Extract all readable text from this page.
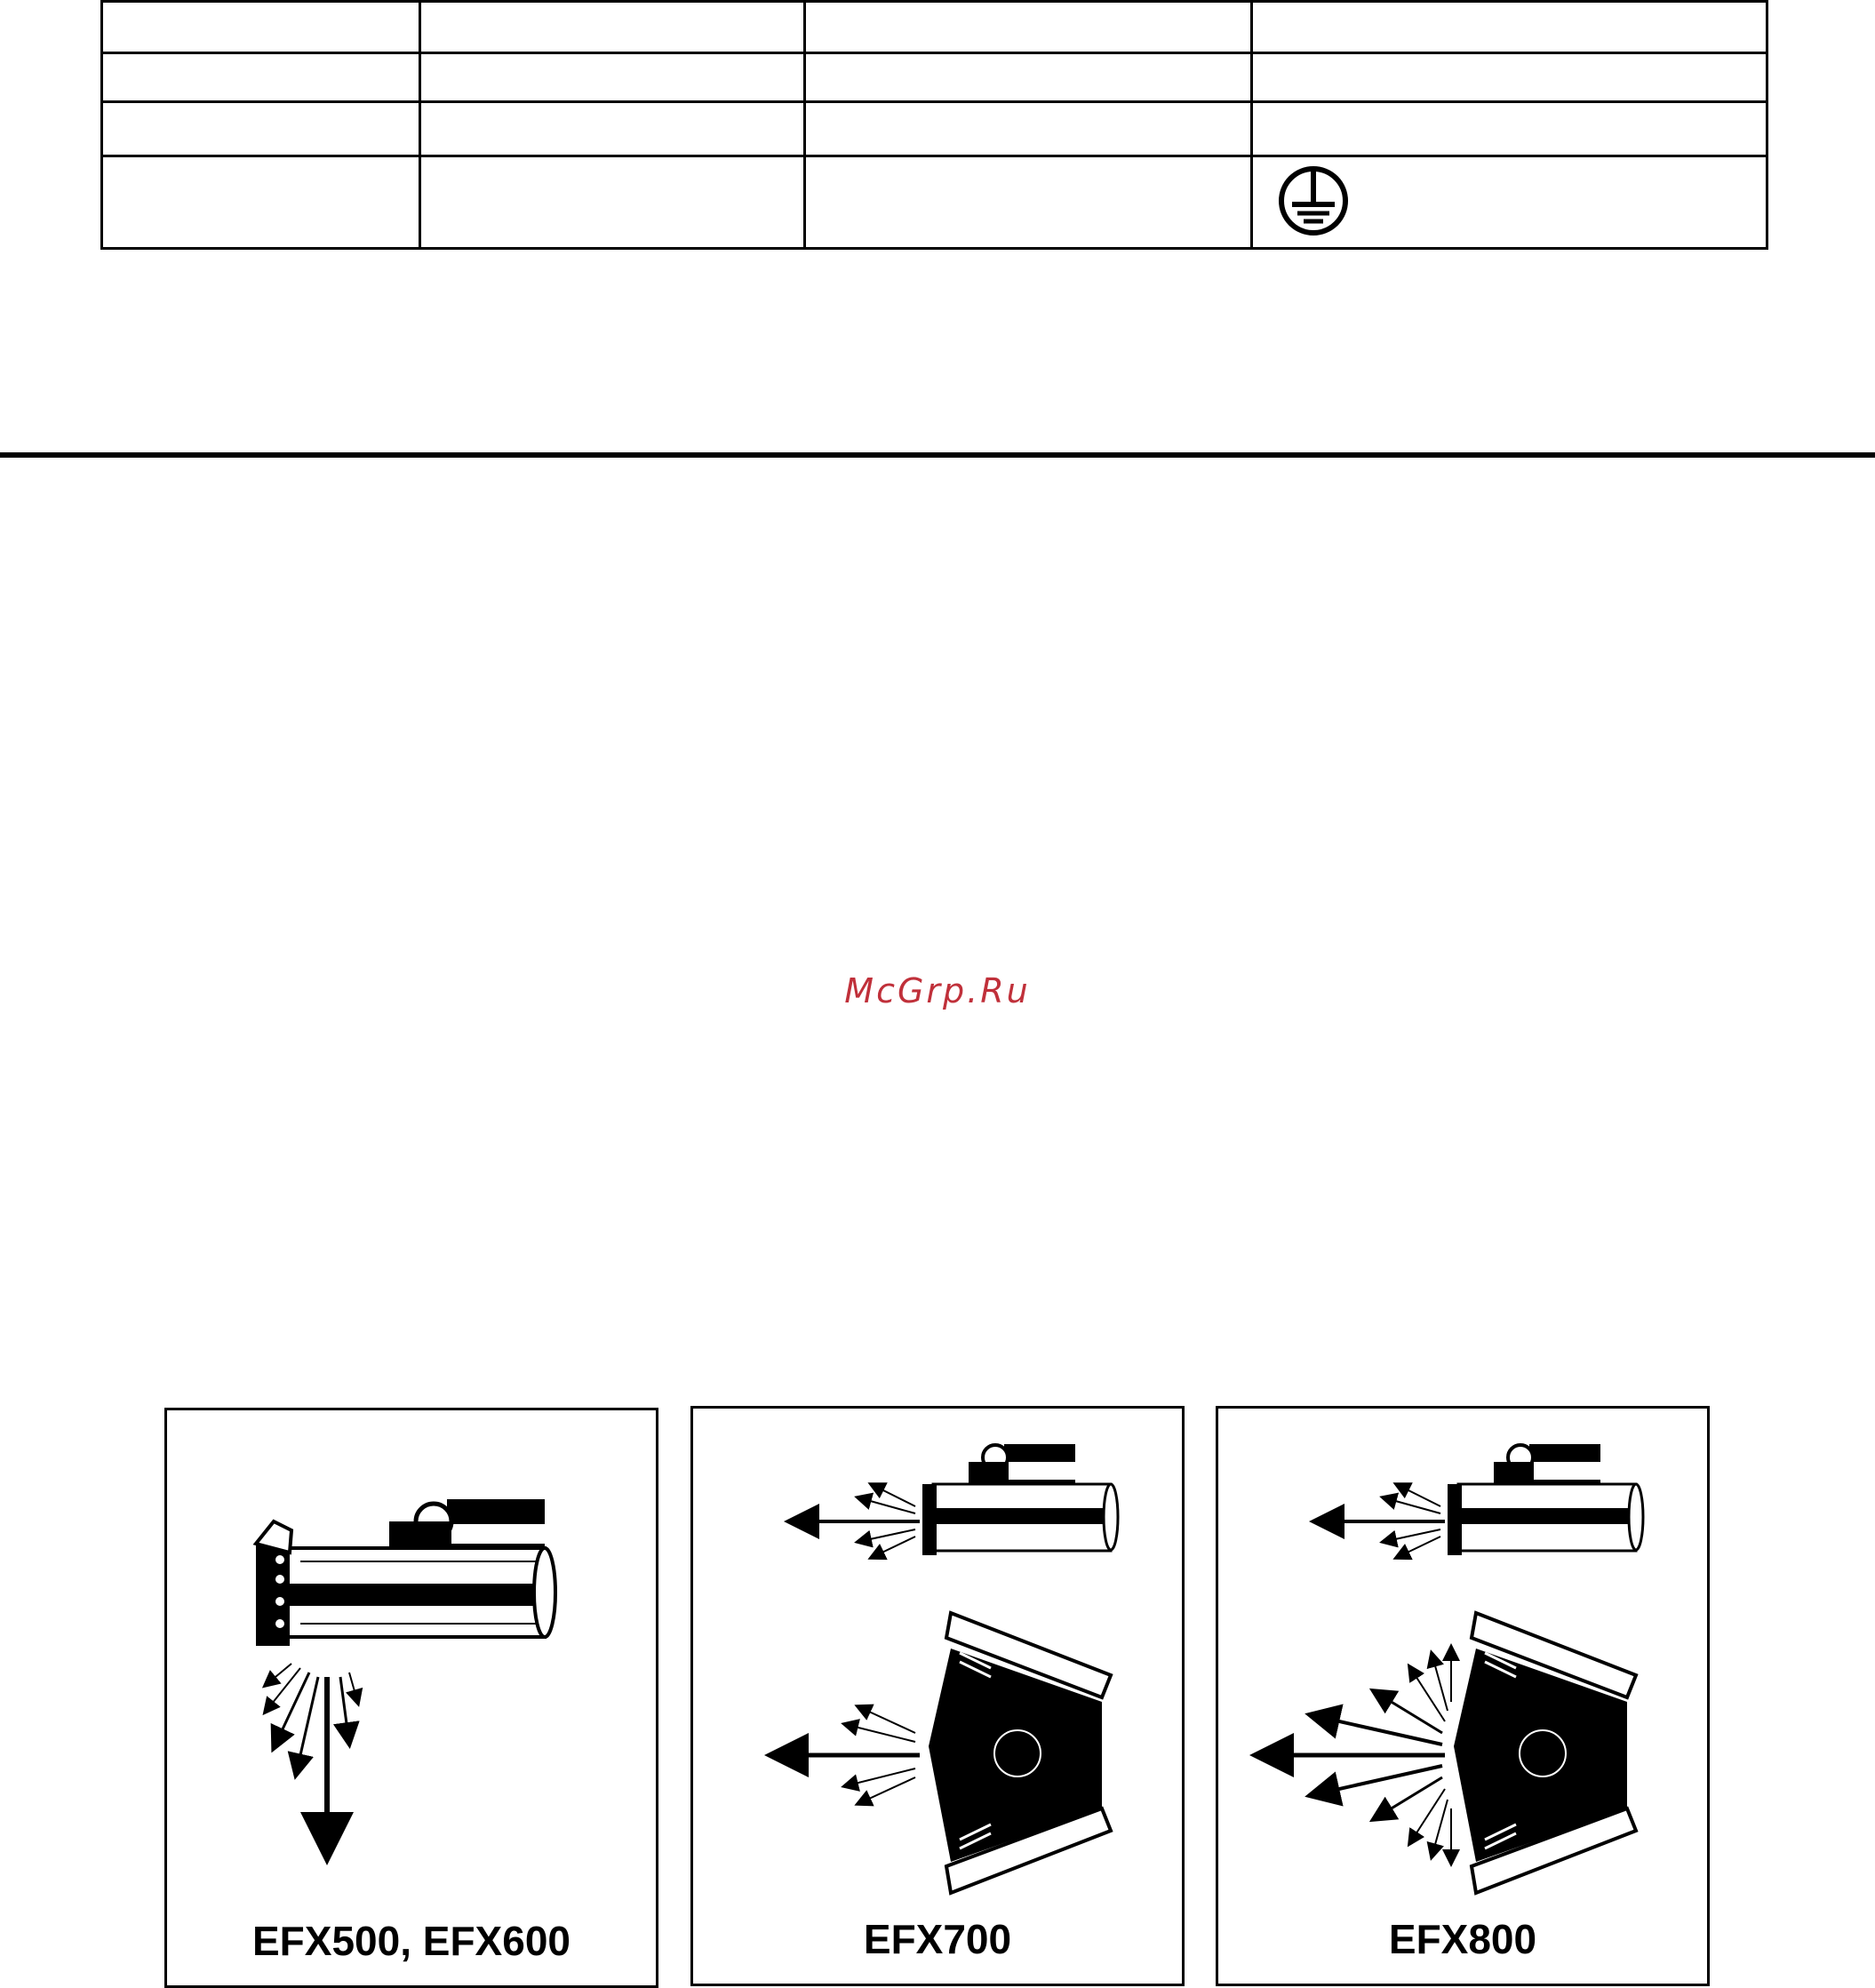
McGrp.Ru
EFX500, EFX600	EFX700	EFX800
